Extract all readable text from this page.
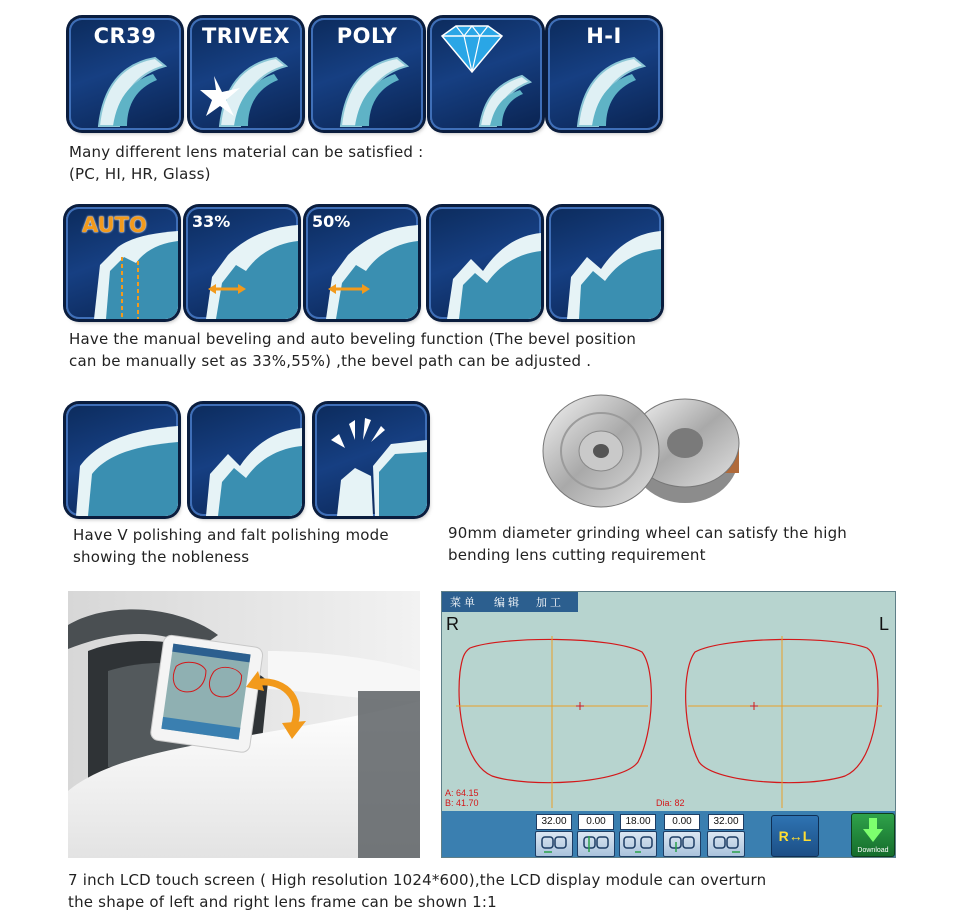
CR39	TRIVEX	POLY	H-I
Many different lens material can be satisfied :
(PC, HI, HR, Glass)
AUTO	33%	50%
Have the manual beveling and auto beveling function (The bevel position
can be manually set as 33%,55%) ,the bevel path can be adjusted .
Have V polishing and falt polishing mode
showing the nobleness
90mm diameter grinding wheel can satisfy the high
bending lens cutting requirement
菜单 编辑 加工
R	L
A: 64.15
B: 41.70	Dia: 82
32.00	0.00	18.00	0.00	32.00
R↔L
Download
7 inch LCD touch screen ( High resolution 1024*600),the LCD display module can overturn
the shape of left and right lens frame can be shown 1:1
